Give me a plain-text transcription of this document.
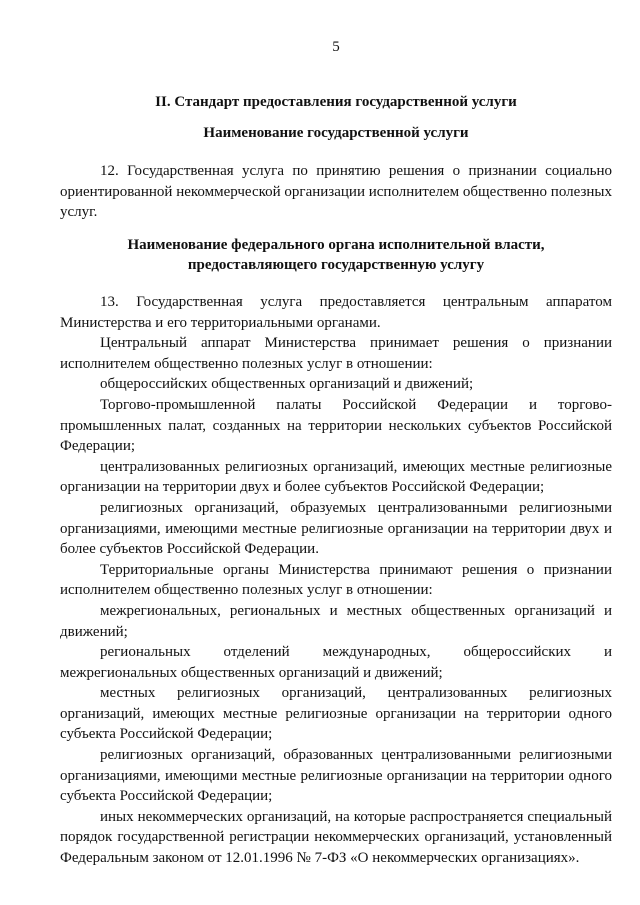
5
II. Стандарт предоставления государственной услуги
Наименование государственной услуги
12. Государственная услуга по принятию решения о признании социально ориентированной некоммерческой организации исполнителем общественно полезных услуг.
Наименование федерального органа исполнительной власти,
предоставляющего государственную услугу
13. Государственная услуга предоставляется центральным аппаратом Министерства и его территориальными органами.
Центральный аппарат Министерства принимает решения о признании исполнителем общественно полезных услуг в отношении:
общероссийских общественных организаций и движений;
Торгово-промышленной палаты Российской Федерации и торгово-промышленных палат, созданных на территории нескольких субъектов Российской Федерации;
централизованных религиозных организаций, имеющих местные религиозные организации на территории двух и более субъектов Российской Федерации;
религиозных организаций, образуемых централизованными религиозными организациями, имеющими местные религиозные организации на территории двух и более субъектов Российской Федерации.
Территориальные органы Министерства принимают решения о признании исполнителем общественно полезных услуг в отношении:
межрегиональных, региональных и местных общественных организаций и движений;
региональных отделений международных, общероссийских и межрегиональных общественных организаций и движений;
местных религиозных организаций, централизованных религиозных организаций, имеющих местные религиозные организации на территории одного субъекта Российской Федерации;
религиозных организаций, образованных централизованными религиозными организациями, имеющими местные религиозные организации на территории одного субъекта Российской Федерации;
иных некоммерческих организаций, на которые распространяется специальный порядок государственной регистрации некоммерческих организаций, установленный Федеральным законом от 12.01.1996 № 7-ФЗ «О некоммерческих организациях».
